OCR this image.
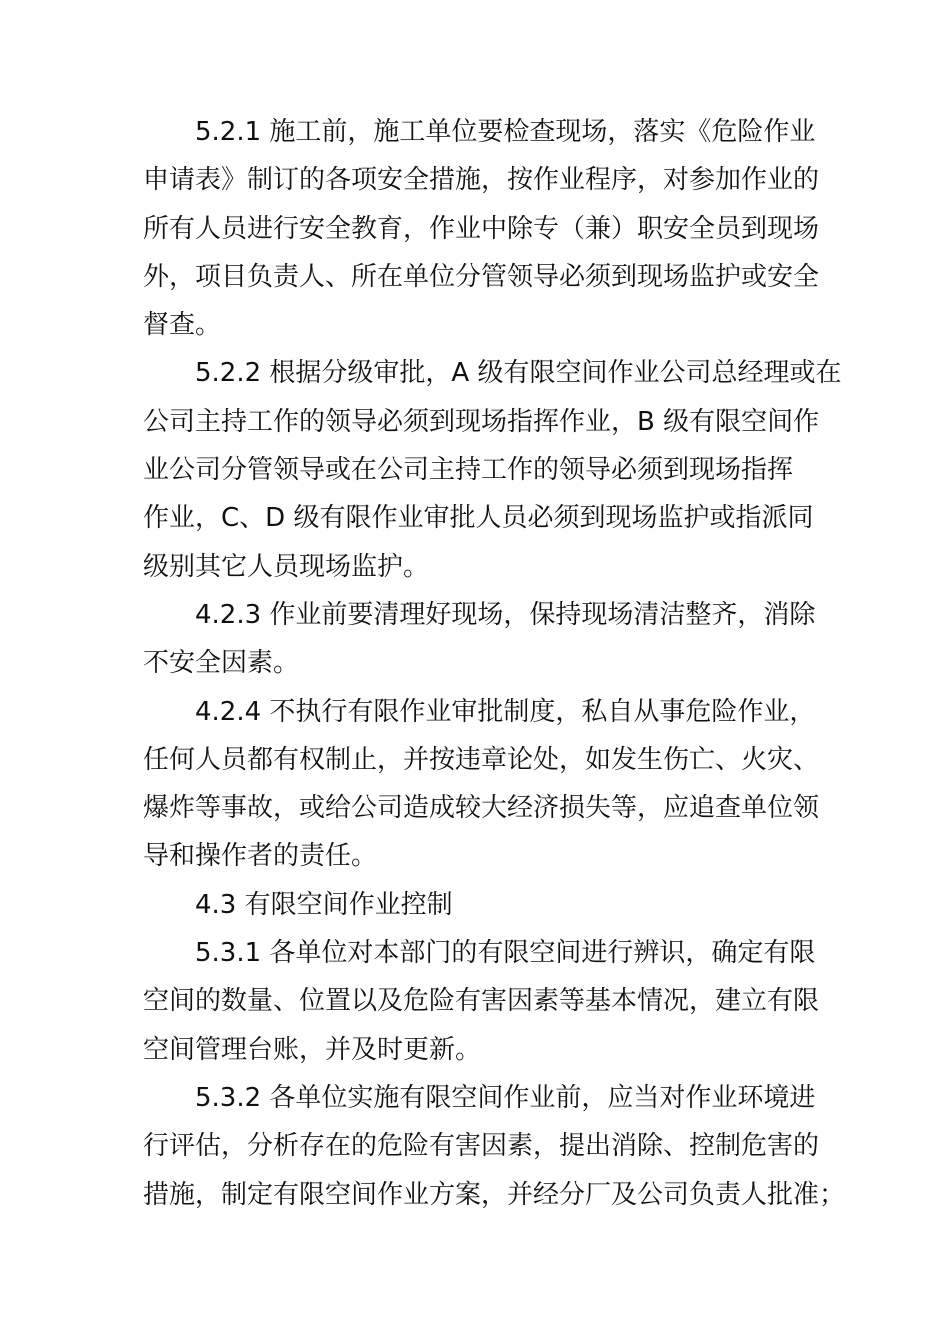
5.2.1 施工前，施工单位要检查现场，落实《危险作业
申请表》制订的各项安全措施，按作业程序，对参加作业的
所有人员进行安全教育，作业中除专（兼）职安全员到现场
外，项目负责人、所在单位分管领导必须到现场监护或安全
督查。
5.2.2 根据分级审批，A 级有限空间作业公司总经理或在
公司主持工作的领导必须到现场指挥作业，B 级有限空间作
业公司分管领导或在公司主持工作的领导必须到现场指挥
作业，C、D 级有限作业审批人员必须到现场监护或指派同
级别其它人员现场监护。
4.2.3 作业前要清理好现场，保持现场清洁整齐，消除
不安全因素。
4.2.4 不执行有限作业审批制度，私自从事危险作业，
任何人员都有权制止，并按违章论处，如发生伤亡、火灾、
爆炸等事故，或给公司造成较大经济损失等，应追查单位领
导和操作者的责任。
4.3 有限空间作业控制
5.3.1 各单位对本部门的有限空间进行辨识，确定有限
空间的数量、位置以及危险有害因素等基本情况，建立有限
空间管理台账，并及时更新。
5.3.2 各单位实施有限空间作业前，应当对作业环境进
行评估，分析存在的危险有害因素，提出消除、控制危害的
措施，制定有限空间作业方案，并经分厂及公司负责人批准；
